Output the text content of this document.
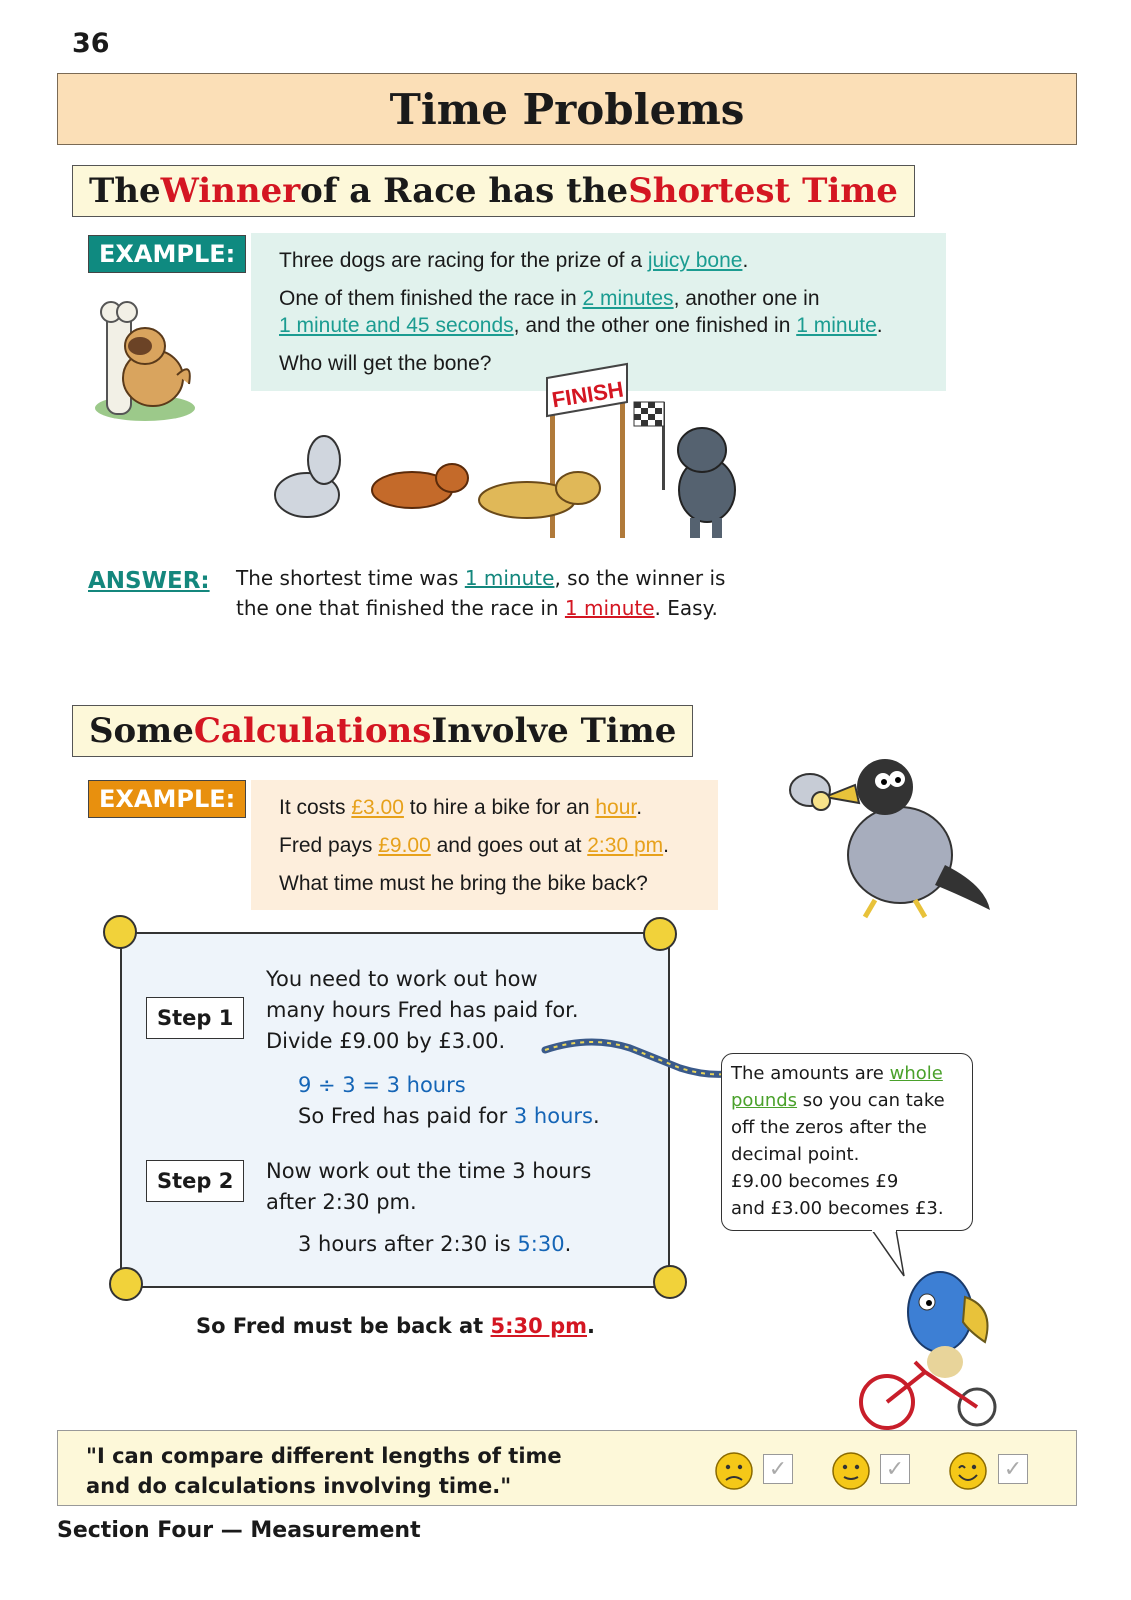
36
Time Problems
The Winner of a Race has the Shortest Time
EXAMPLE:	Three dogs are racing for the prize of a juicy bone.

One of them finished the race in 2 minutes, another one in
1 minute and 45 seconds, and the other one finished in 1 minute.

Who will get the bone?

FINISH
ANSWER: The shortest time was 1 minute, so the winner is
the one that finished the race in 1 minute. Easy.
Some Calculations Involve Time
EXAMPLE:	It costs £3.00 to hire a bike for an hour.

Fred pays £9.00 and goes out at 2:30 pm.

What time must he bring the bike back?

Step 1
You need to work out how
many hours Fred has paid for.
Divide £9.00 by £3.00.
9 ÷ 3 = 3 hours
So Fred has paid for 3 hours.
Step 2	Now work out the time 3 hours
after 2:30 pm.
3 hours after 2:30 is 5:30.
So Fred must be back at 5:30 pm.
The amounts are whole pounds so you can take off the zeros after the decimal point.
£9.00 becomes £9
and £3.00 becomes £3.
"I can compare different lengths of time
and do calculations involving time."
✓	✓	✓
Section Four — Measurement
